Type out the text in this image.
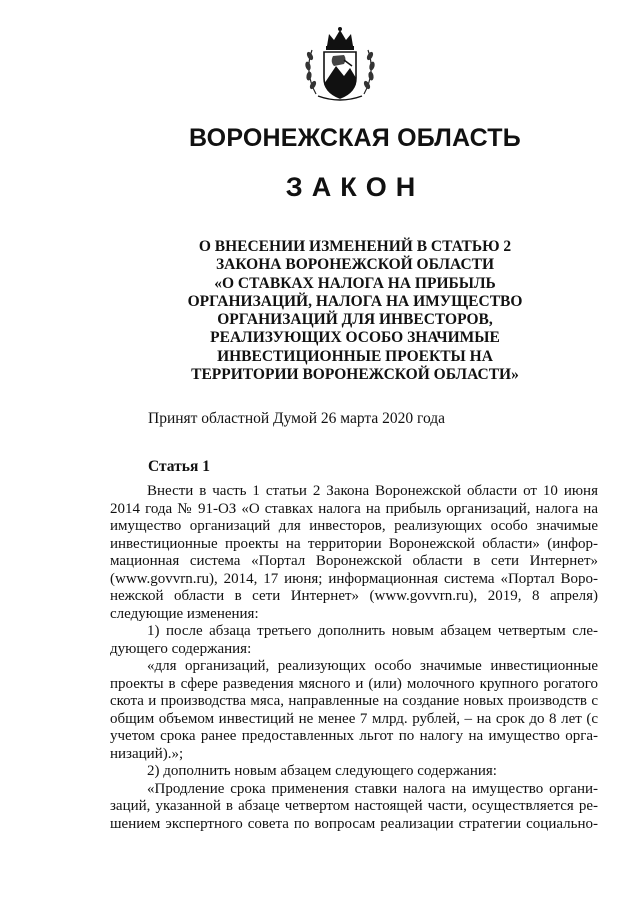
ВОРОНЕЖСКАЯ ОБЛАСТЬ
ЗАКОН
О ВНЕСЕНИИ ИЗМЕНЕНИЙ В СТАТЬЮ 2
ЗАКОНА ВОРОНЕЖСКОЙ ОБЛАСТИ
«О СТАВКАХ НАЛОГА НА ПРИБЫЛЬ
ОРГАНИЗАЦИЙ, НАЛОГА НА ИМУЩЕСТВО
ОРГАНИЗАЦИЙ ДЛЯ ИНВЕСТОРОВ,
РЕАЛИЗУЮЩИХ ОСОБО ЗНАЧИМЫЕ
ИНВЕСТИЦИОННЫЕ ПРОЕКТЫ НА
ТЕРРИТОРИИ ВОРОНЕЖСКОЙ ОБЛАСТИ»
Принят областной Думой 26 марта 2020 года
Статья 1
Внести в часть 1 статьи 2 Закона Воронежской области от 10 июня
2014 года № 91-ОЗ «О ставках налога на прибыль организаций, налога на
имущество организаций для инвесторов, реализующих особо значимые
инвестиционные проекты на территории Воронежской области» (инфор-
мационная система «Портал Воронежской области в сети Интернет»
(www.govvrn.ru), 2014, 17 июня; информационная система «Портал Воро-
нежской области в сети Интернет» (www.govvrn.ru), 2019, 8 апреля)
следующие изменения:
1) после абзаца третьего дополнить новым абзацем четвертым сле-
дующего содержания:
«для организаций, реализующих особо значимые инвестиционные
проекты в сфере разведения мясного и (или) молочного крупного рогатого
скота и производства мяса, направленные на создание новых производств с
общим объемом инвестиций не менее 7 млрд. рублей, – на срок до 8 лет (с
учетом срока ранее предоставленных льгот по налогу на имущество орга-
низаций).»;
2) дополнить новым абзацем следующего содержания:
«Продление срока применения ставки налога на имущество органи-
заций, указанной в абзаце четвертом настоящей части, осуществляется ре-
шением экспертного совета по вопросам реализации стратегии социально-
